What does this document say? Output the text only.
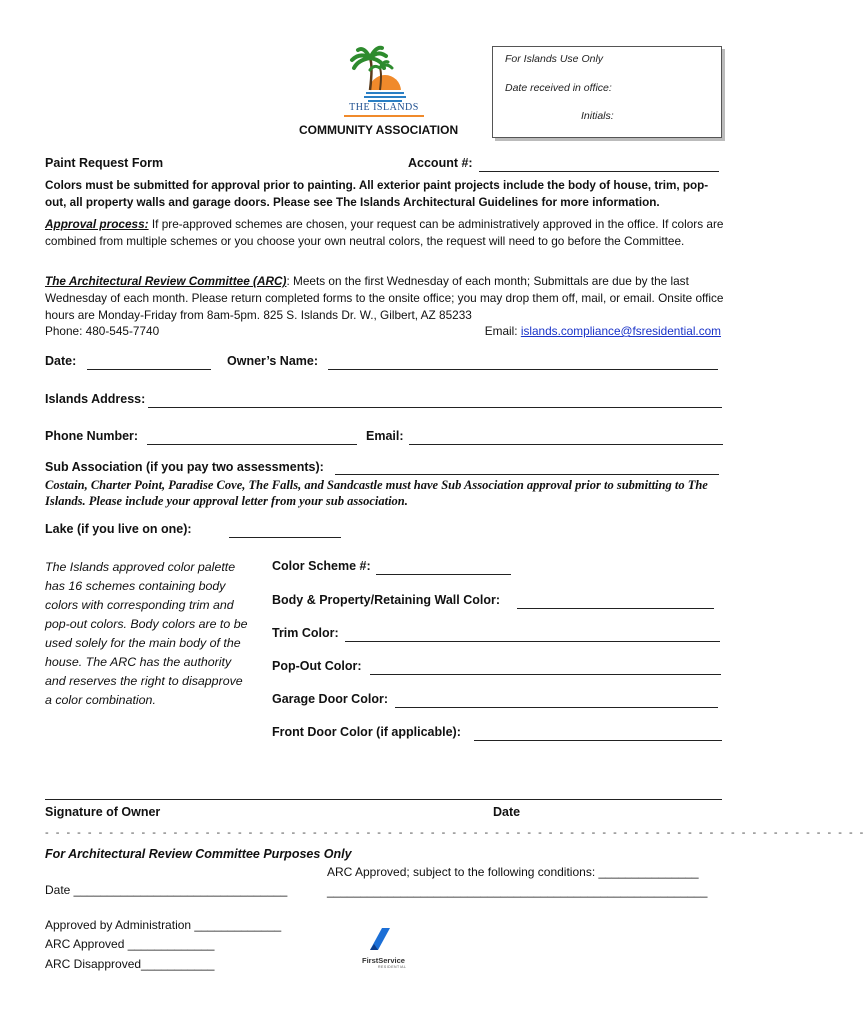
THE ISLANDS
COMMUNITY ASSOCIATION
For Islands Use Only
Date received in office:
Initials:
Paint Request Form	Account #:
Colors must be submitted for approval prior to painting. All exterior paint projects include the body of house, trim, pop-out, all property walls and garage doors. Please see The Islands Architectural Guidelines for more information.
Approval process: If pre-approved schemes are chosen, your request can be administratively approved in the office. If colors are combined from multiple schemes or you choose your own neutral colors, the request will need to go before the Committee.
The Architectural Review Committee (ARC): Meets on the first Wednesday of each month; Submittals are due by the last Wednesday of each month. Please return completed forms to the onsite office; you may drop them off, mail, or email. Onsite office hours are Monday-Friday from 8am-5pm. 825 S. Islands Dr. W., Gilbert, AZ 85233
Phone: 480-545-7740	Email: islands.compliance@fsresidential.com
Date:	Owner’s Name:
Islands Address:
Phone Number:	Email:
Sub Association (if you pay two assessments):
Costain, Charter Point, Paradise Cove, The Falls, and Sandcastle must have Sub Association approval prior to submitting to The Islands. Please include your approval letter from your sub association.
Lake (if you live on one):
The Islands approved color palette has 16 schemes containing body colors with corresponding trim and pop-out colors. Body colors are to be used solely for the main body of the house. The ARC has the authority and reserves the right to disapprove a color combination.
Color Scheme #:
Body & Property/Retaining Wall Color:
Trim Color:
Pop-Out Color:
Garage Door Color:
Front Door Color (if applicable):
Signature of Owner	Date
- - - - - - - - - - - - - - - - - - - - - - - - - - - - - - - - - - - - - - - - - - - - - - - - - - - - - - - - - - - - - - - - - - - - - - - - - - - - -
For Architectural Review Committee Purposes Only
ARC Approved; subject to the following conditions: _______________
_________________________________________________________
Date ________________________________
Approved by Administration _____________
ARC Approved _____________
ARC Disapproved___________	FirstService
RESIDENTIAL
